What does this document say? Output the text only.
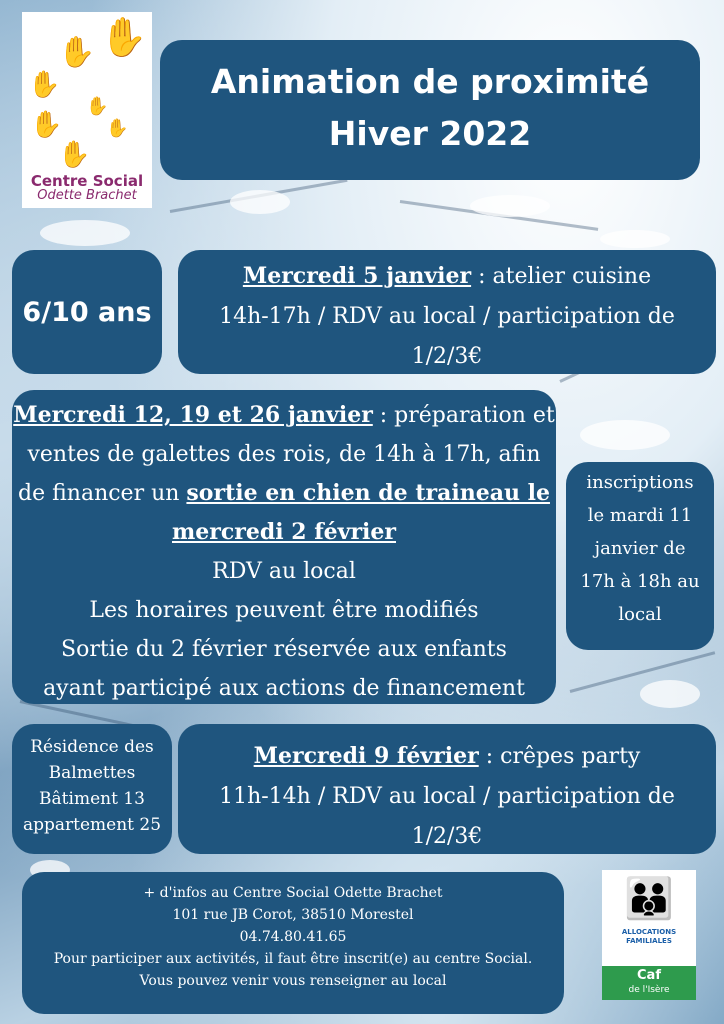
✋
✋
✋
✋
✋ ✋
✋
Centre Social
Odette Brachet
Animation de proximité
Hiver 2022
6/10 ans
Mercredi 5 janvier : atelier cuisine
14h-17h / RDV au local / participation de
1/2/3€
Mercredi 12, 19 et 26 janvier : préparation et
ventes de galettes des rois, de 14h à 17h, afin
de financer un sortie en chien de traineau le
mercredi 2 février
RDV au local
Les horaires peuvent être modifiés
Sortie du 2 février réservée aux enfants
ayant participé aux actions de financement
inscriptions
le mardi 11
janvier de
17h à 18h au
local
Résidence des
Balmettes
Bâtiment 13
appartement 25
Mercredi 9 février : crêpes party
11h-14h / RDV au local / participation de
1/2/3€
+ d'infos au Centre Social Odette Brachet
101 rue JB Corot, 38510 Morestel
04.74.80.41.65
Pour participer aux activités, il faut être inscrit(e) au centre Social.
Vous pouvez venir vous renseigner au local
👪
ALLOCATIONS
FAMILIALES
Caf
de l'Isère
